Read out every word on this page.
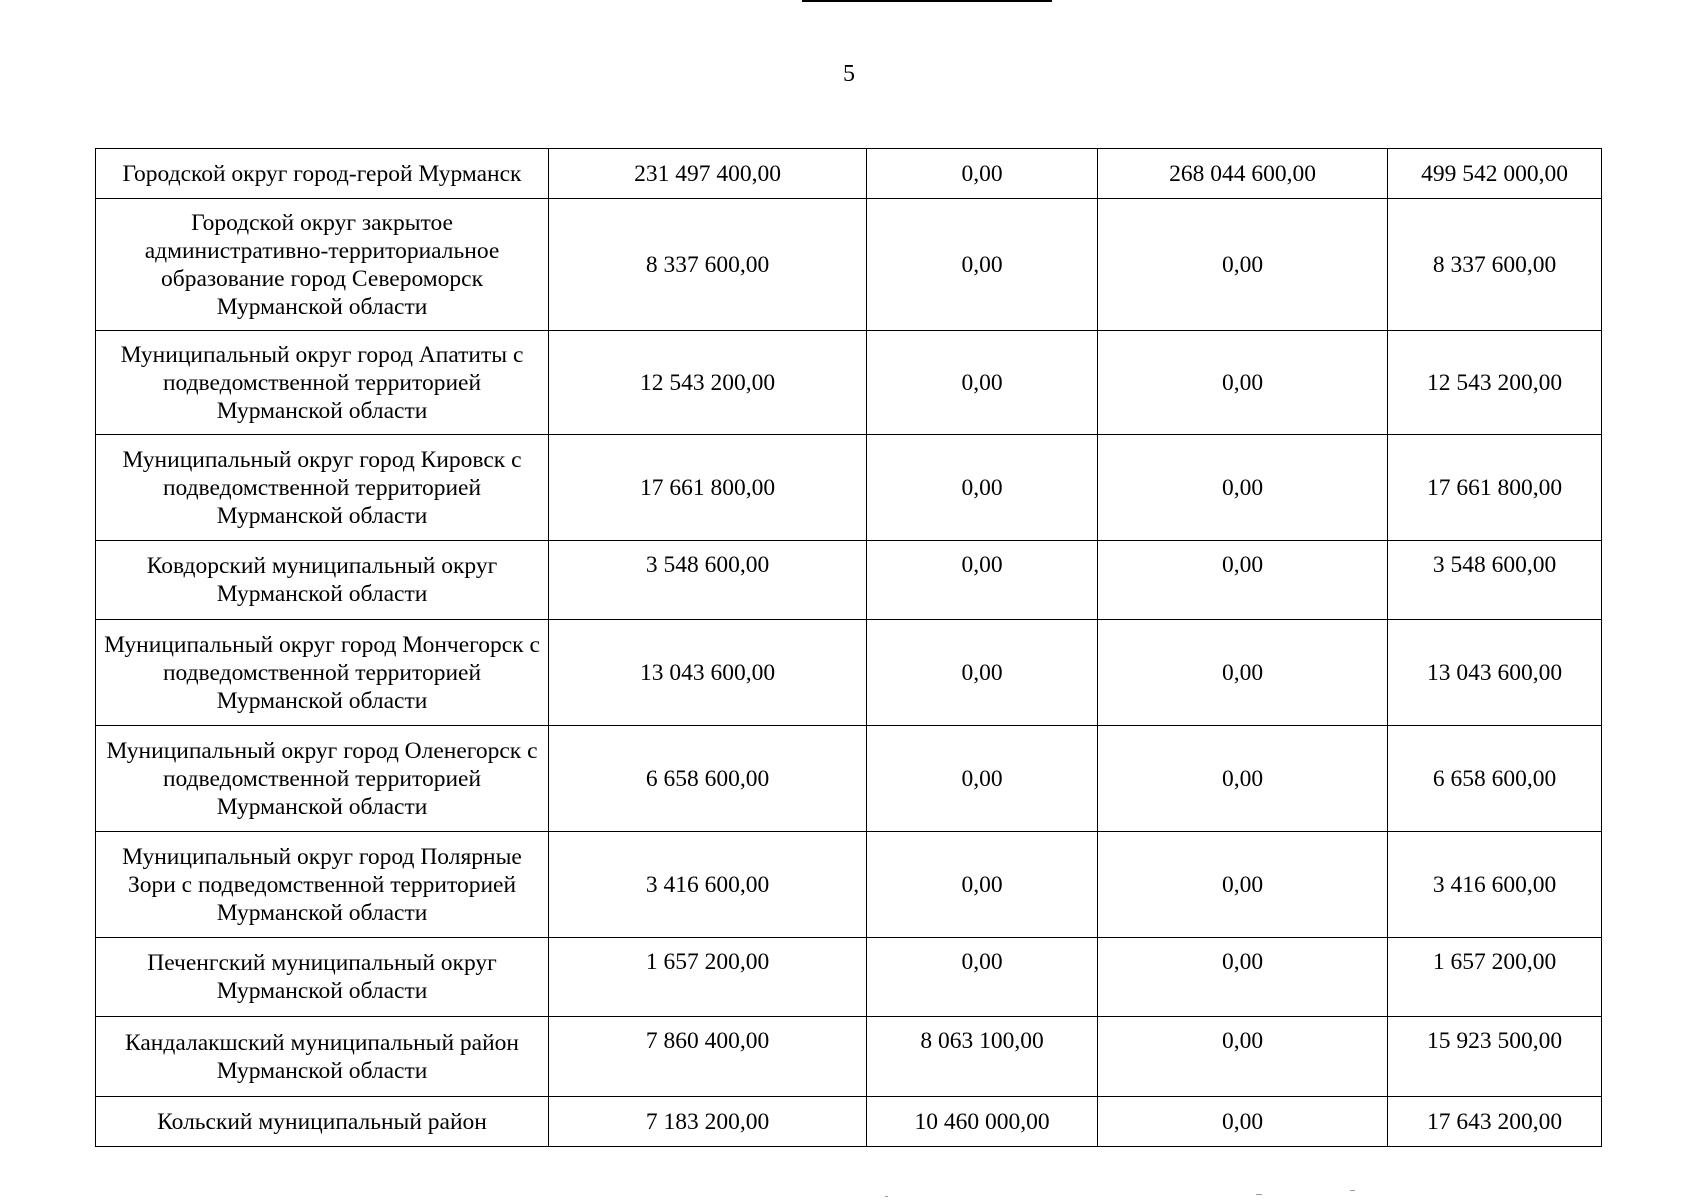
5
Городской округ город-герой Мурманск	231 497 400,00	0,00	268 044 600,00	499 542 000,00
Городской округ закрытое административно-территориальное образование город Североморск Мурманской области	8 337 600,00	0,00	0,00	8 337 600,00
Муниципальный округ город Апатиты с подведомственной территорией Мурманской области	12 543 200,00	0,00	0,00	12 543 200,00
Муниципальный округ город Кировск с подведомственной территорией Мурманской области	17 661 800,00	0,00	0,00	17 661 800,00
Ковдорский муниципальный округ Мурманской области	3 548 600,00	0,00	0,00	3 548 600,00
Муниципальный округ город Мончегорск с подведомственной территорией Мурманской области	13 043 600,00	0,00	0,00	13 043 600,00
Муниципальный округ город Оленегорск с подведомственной территорией Мурманской области	6 658 600,00	0,00	0,00	6 658 600,00
Муниципальный округ город Полярные Зори с подведомственной территорией Мурманской области	3 416 600,00	0,00	0,00	3 416 600,00
Печенгский муниципальный округ Мурманской области	1 657 200,00	0,00	0,00	1 657 200,00
Кандалакшский муниципальный район Мурманской области	7 860 400,00	8 063 100,00	0,00	15 923 500,00
Кольский муниципальный район	7 183 200,00	10 460 000,00	0,00	17 643 200,00
